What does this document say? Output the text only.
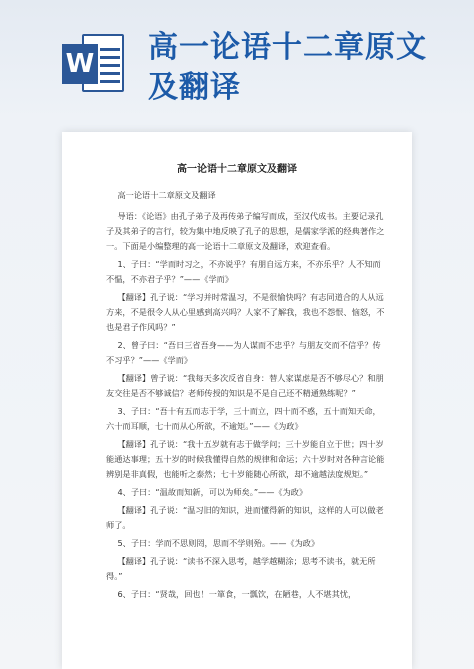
W 高一论语十二章原文及翻译
高一论语十二章原文及翻译

高一论语十二章原文及翻译

导语：《论语》由孔子弟子及再传弟子编写而成，至汉代成书。主要记录孔子及其弟子的言行，较为集中地反映了孔子的思想，是儒家学派的经典著作之一。下面是小编整理的高一论语十二章原文及翻译，欢迎查看。

1、子曰：“学而时习之，不亦说乎？有朋自远方来，不亦乐乎？人不知而不愠，不亦君子乎？”——《学而》

【翻译】孔子说：“学习并时常温习，不是很愉快吗？有志同道合的人从远方来，不是很令人从心里感到高兴吗？人家不了解我，我也不怨恨、恼怒，不也是君子作风吗？”

2、曾子曰：“吾日三省吾身——为人谋而不忠乎？与朋友交而不信乎？传不习乎？”——《学而》

【翻译】曾子说：“我每天多次反省自身：替人家谋虑是否不够尽心？和朋友交往是否不够诚信？老师传授的知识是不是自己还不精通熟练呢？”

3、子曰：“吾十有五而志于学，三十而立，四十而不惑，五十而知天命，六十而耳顺，七十而从心所欲，不逾矩。”——《为政》

【翻译】孔子说：“我十五岁就有志于做学问；三十岁能自立于世；四十岁能通达事理；五十岁的时候我懂得自然的规律和命运；六十岁时对各种言论能辨别是非真假，也能听之泰然；七十岁能随心所欲，却不逾越法度规矩。”

4、子曰：“温故而知新，可以为师矣。”——《为政》

【翻译】孔子说：“温习旧的知识，进而懂得新的知识，这样的人可以做老师了。

5、子曰：学而不思则罔，思而不学则殆。——《为政》

【翻译】孔子说：“读书不深入思考，越学越糊涂；思考不读书，就无所得。”

6、子曰：“贤哉，回也！一箪食，一瓢饮，在陋巷，人不堪其忧，
